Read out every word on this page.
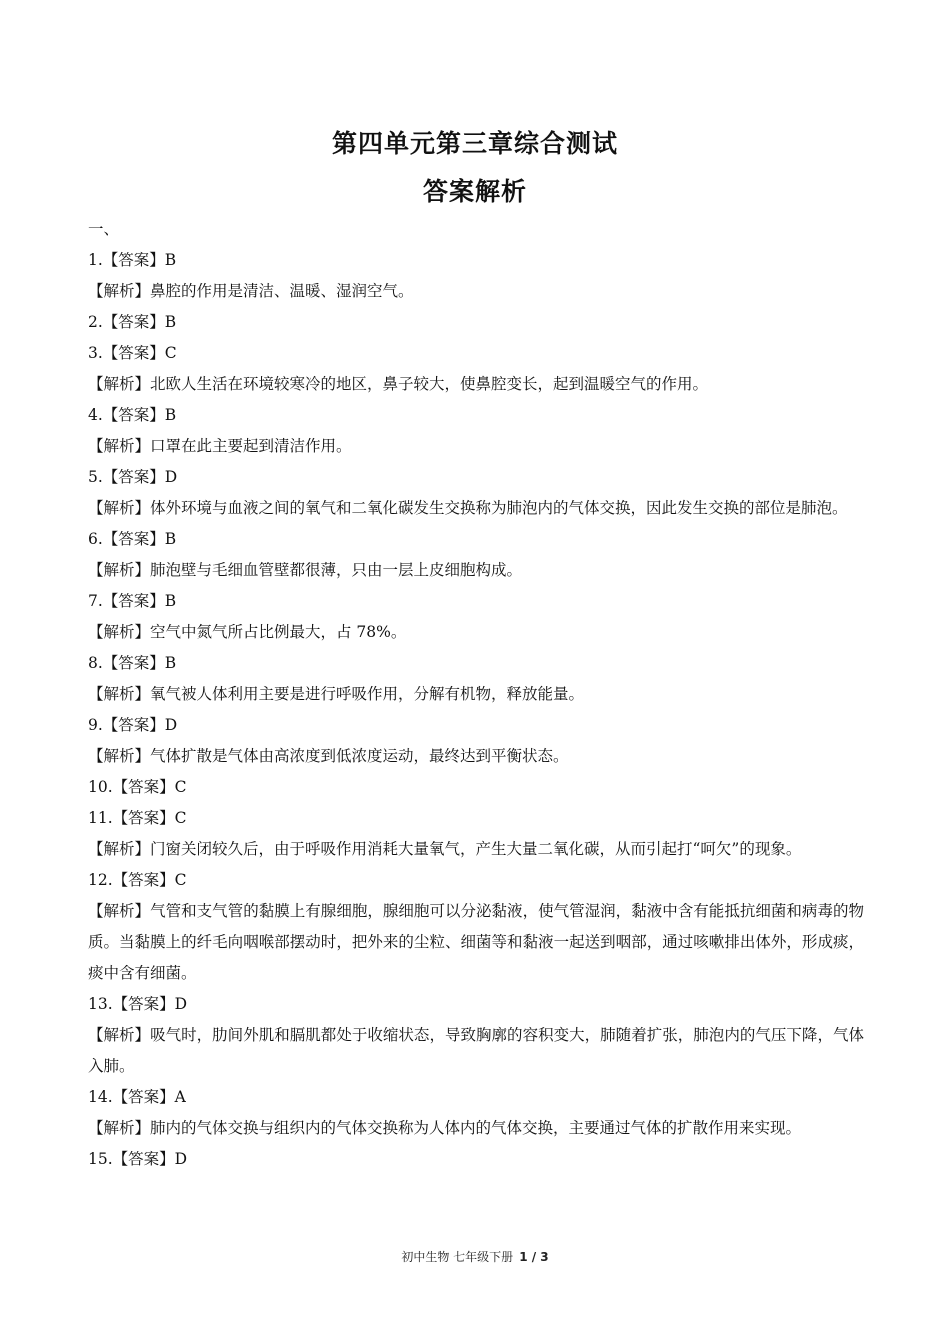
第四单元第三章综合测试
答案解析

一、

1.【答案】B

【解析】鼻腔的作用是清洁、温暖、湿润空气。

2.【答案】B

3.【答案】C

【解析】北欧人生活在环境较寒冷的地区，鼻子较大，使鼻腔变长，起到温暖空气的作用。

4.【答案】B

【解析】口罩在此主要起到清洁作用。

5.【答案】D

【解析】体外环境与血液之间的氧气和二氧化碳发生交换称为肺泡内的气体交换，因此发生交换的部位是肺泡。

6.【答案】B

【解析】肺泡壁与毛细血管壁都很薄，只由一层上皮细胞构成。

7.【答案】B

【解析】空气中氮气所占比例最大，占 78%。

8.【答案】B

【解析】氧气被人体利用主要是进行呼吸作用，分解有机物，释放能量。

9.【答案】D

【解析】气体扩散是气体由高浓度到低浓度运动，最终达到平衡状态。

10.【答案】C

11.【答案】C

【解析】门窗关闭较久后，由于呼吸作用消耗大量氧气，产生大量二氧化碳，从而引起打“呵欠”的现象。

12.【答案】C

【解析】气管和支气管的黏膜上有腺细胞，腺细胞可以分泌黏液，使气管湿润，黏液中含有能抵抗细菌和病毒的物质。当黏膜上的纤毛向咽喉部摆动时，把外来的尘粒、细菌等和黏液一起送到咽部，通过咳嗽排出体外，形成痰，痰中含有细菌。

13.【答案】D

【解析】吸气时，肋间外肌和膈肌都处于收缩状态，导致胸廓的容积变大，肺随着扩张，肺泡内的气压下降，气体入肺。

14.【答案】A

【解析】肺内的气体交换与组织内的气体交换称为人体内的气体交换，主要通过气体的扩散作用来实现。

15.【答案】D

初中生物 七年级下册 1 / 3
